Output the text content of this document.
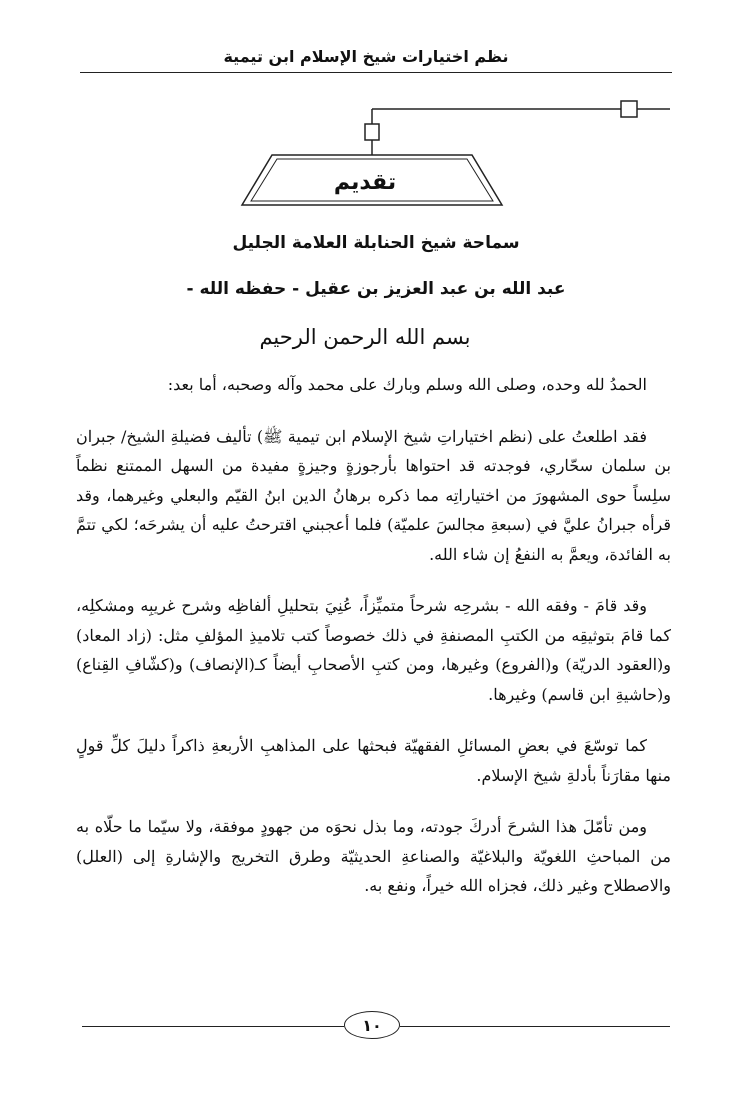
نظم اختيارات شيخ الإسلام ابن تيمية
تقديم
سماحة شيخ الحنابلة العلامة الجليل
عبد الله بن عبد العزيز بن عقيل - حفظه الله -
بسم الله الرحمن الرحيم

الحمدُ لله وحده، وصلى الله وسلم وبارك على محمد وآله وصحبه، أما بعد:

فقد اطلعتُ على (نظم اختياراتِ شيخ الإسلام ابن تيمية ﷺ) تأليف فضيلةِ الشيخ/ جبران بن سلمان سحّاري، فوجدته قد احتواها بأرجوزةٍ وجيزةٍ مفيدة من السهل الممتنع نظماً سلِساً حوى المشهورَ من اختياراتِه مما ذكره برهانُ الدين ابنُ القيّم والبعلي وغيرهما، وقد قرأه جبرانُ عليَّ في (سبعةِ مجالسَ علميّة) فلما أعجبني اقترحتُ عليه أن يشرحَه؛ لكي تتمَّ به الفائدة، ويعمَّ به النفعُ إن شاء الله.

وقد قامَ - وفقه الله - بشرحِه شرحاً متميِّزاً، عُنِيَ بتحليلِ ألفاظِه وشرح غريبِه ومشكلِه، كما قامَ بتوثيقِه من الكتبِ المصنفةِ في ذلك خصوصاً كتب تلاميذِ المؤلفِ مثل: (زاد المعاد) و(العقود الدريّة) و(الفروع) وغيرها، ومن كتبِ الأصحابِ أيضاً كـ(الإنصاف) و(كشّافِ القِناع) و(حاشيةِ ابن قاسم) وغيرها.

كما توسّعَ في بعضِ المسائلِ الفقهيّة فبحثها على المذاهبِ الأربعةِ ذاكراً دليلَ كلِّ قولٍ منها مقارَناً بأدلةِ شيخ الإسلام.

ومن تأمّلَ هذا الشرحَ أدركَ جودته، وما بذل نحوَه من جهودٍ موفقة، ولا سيّما ما حلّاه به من المباحثِ اللغويّة والبلاغيّة والصناعةِ الحديثيّة وطرق التخريج والإشارةِ إلى (العلل) والاصطلاح وغير ذلك، فجزاه الله خيراً، ونفع به.

١٠
